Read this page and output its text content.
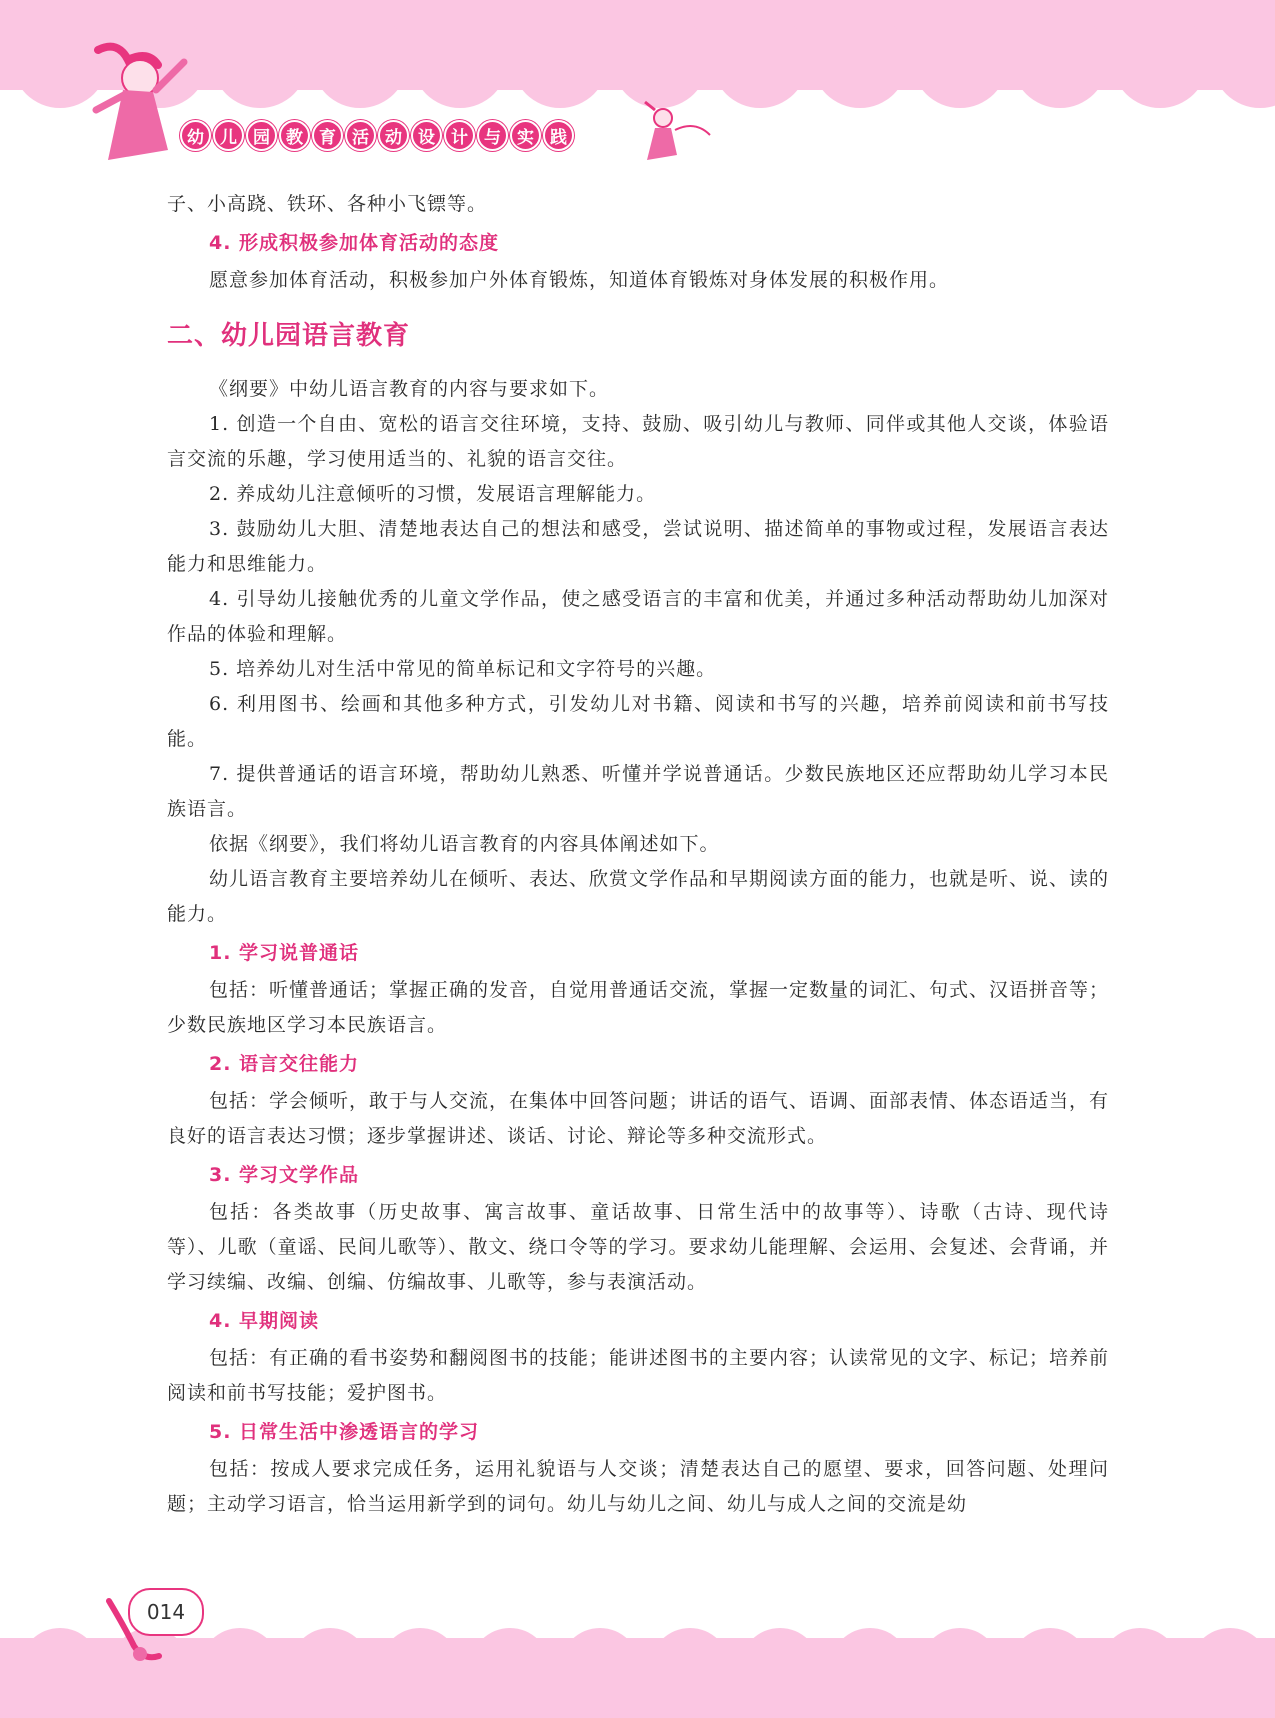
幼 儿 园 教 育 活 动 设 计 与 实 践

子、小高跷、铁环、各种小飞镖等。

4. 形成积极参加体育活动的态度

愿意参加体育活动，积极参加户外体育锻炼，知道体育锻炼对身体发展的积极作用。

二、幼儿园语言教育

《纲要》中幼儿语言教育的内容与要求如下。

1. 创造一个自由、宽松的语言交往环境，支持、鼓励、吸引幼儿与教师、同伴或其他人交谈，体验语言交流的乐趣，学习使用适当的、礼貌的语言交往。

2. 养成幼儿注意倾听的习惯，发展语言理解能力。

3. 鼓励幼儿大胆、清楚地表达自己的想法和感受，尝试说明、描述简单的事物或过程，发展语言表达能力和思维能力。

4. 引导幼儿接触优秀的儿童文学作品，使之感受语言的丰富和优美，并通过多种活动帮助幼儿加深对作品的体验和理解。

5. 培养幼儿对生活中常见的简单标记和文字符号的兴趣。

6. 利用图书、绘画和其他多种方式，引发幼儿对书籍、阅读和书写的兴趣，培养前阅读和前书写技能。

7. 提供普通话的语言环境，帮助幼儿熟悉、听懂并学说普通话。少数民族地区还应帮助幼儿学习本民族语言。

依据《纲要》，我们将幼儿语言教育的内容具体阐述如下。

幼儿语言教育主要培养幼儿在倾听、表达、欣赏文学作品和早期阅读方面的能力，也就是听、说、读的能力。

1. 学习说普通话

包括：听懂普通话；掌握正确的发音，自觉用普通话交流，掌握一定数量的词汇、句式、汉语拼音等；少数民族地区学习本民族语言。

2. 语言交往能力

包括：学会倾听，敢于与人交流，在集体中回答问题；讲话的语气、语调、面部表情、体态语适当，有良好的语言表达习惯；逐步掌握讲述、谈话、讨论、辩论等多种交流形式。

3. 学习文学作品

包括：各类故事（历史故事、寓言故事、童话故事、日常生活中的故事等）、诗歌（古诗、现代诗等）、儿歌（童谣、民间儿歌等）、散文、绕口令等的学习。要求幼儿能理解、会运用、会复述、会背诵，并学习续编、改编、创编、仿编故事、儿歌等，参与表演活动。

4. 早期阅读

包括：有正确的看书姿势和翻阅图书的技能；能讲述图书的主要内容；认读常见的文字、标记；培养前阅读和前书写技能；爱护图书。

5. 日常生活中渗透语言的学习

包括：按成人要求完成任务，运用礼貌语与人交谈；清楚表达自己的愿望、要求，回答问题、处理问题；主动学习语言，恰当运用新学到的词句。幼儿与幼儿之间、幼儿与成人之间的交流是幼

014
